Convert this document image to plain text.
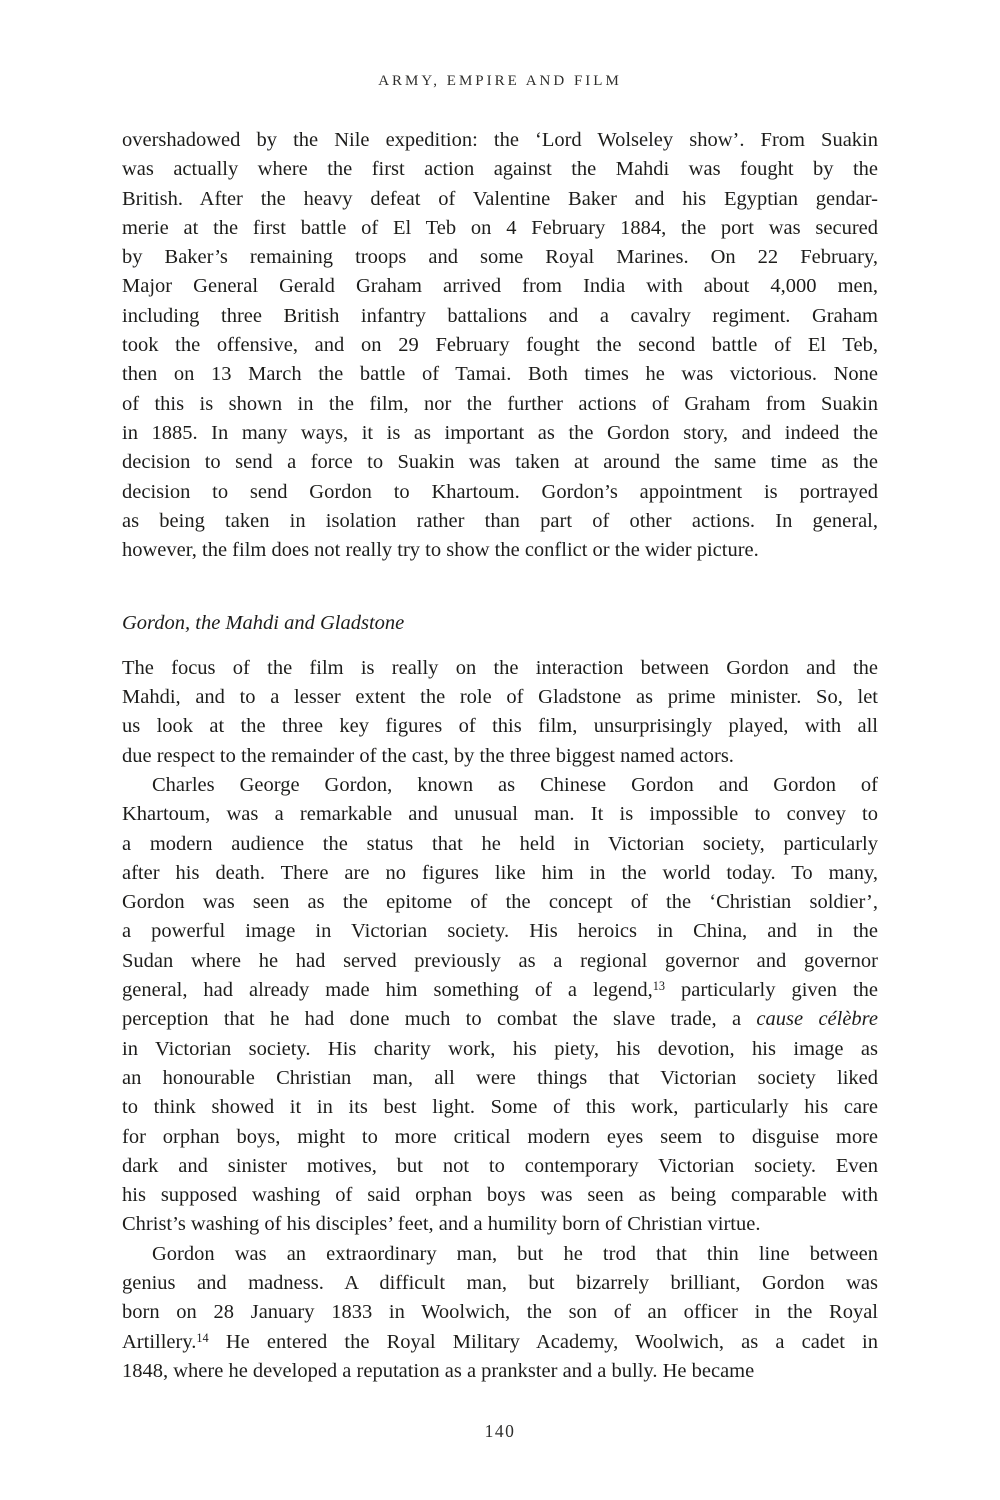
ARMY, EMPIRE AND FILM
overshadowed by the Nile expedition: the ‘Lord Wolseley show’. From Suakin
was actually where the first action against the Mahdi was fought by the
British. After the heavy defeat of Valentine Baker and his Egyptian gendar-
merie at the first battle of El Teb on 4 February 1884, the port was secured
by Baker’s remaining troops and some Royal Marines. On 22 February,
Major General Gerald Graham arrived from India with about 4,000 men,
including three British infantry battalions and a cavalry regiment. Graham
took the offensive, and on 29 February fought the second battle of El Teb,
then on 13 March the battle of Tamai. Both times he was victorious. None
of this is shown in the film, nor the further actions of Graham from Suakin
in 1885. In many ways, it is as important as the Gordon story, and indeed the
decision to send a force to Suakin was taken at around the same time as the
decision to send Gordon to Khartoum. Gordon’s appointment is portrayed
as being taken in isolation rather than part of other actions. In general,
however, the film does not really try to show the conflict or the wider picture.
Gordon, the Mahdi and Gladstone
The focus of the film is really on the interaction between Gordon and the
Mahdi, and to a lesser extent the role of Gladstone as prime minister. So, let
us look at the three key figures of this film, unsurprisingly played, with all
due respect to the remainder of the cast, by the three biggest named actors.
Charles George Gordon, known as Chinese Gordon and Gordon of
Khartoum, was a remarkable and unusual man. It is impossible to convey to
a modern audience the status that he held in Victorian society, particularly
after his death. There are no figures like him in the world today. To many,
Gordon was seen as the epitome of the concept of the ‘Christian soldier’,
a powerful image in Victorian society. His heroics in China, and in the
Sudan where he had served previously as a regional governor and governor
general, had already made him something of a legend,$^{13}$ particularly given the
perception that he had done much to combat the slave trade, a cause célèbre
in Victorian society. His charity work, his piety, his devotion, his image as
an honourable Christian man, all were things that Victorian society liked
to think showed it in its best light. Some of this work, particularly his care
for orphan boys, might to more critical modern eyes seem to disguise more
dark and sinister motives, but not to contemporary Victorian society. Even
his supposed washing of said orphan boys was seen as being comparable with
Christ’s washing of his disciples’ feet, and a humility born of Christian virtue.
Gordon was an extraordinary man, but he trod that thin line between
genius and madness. A difficult man, but bizarrely brilliant, Gordon was
born on 28 January 1833 in Woolwich, the son of an officer in the Royal
Artillery.$^{14}$ He entered the Royal Military Academy, Woolwich, as a cadet in
1848, where he developed a reputation as a prankster and a bully. He became
140
